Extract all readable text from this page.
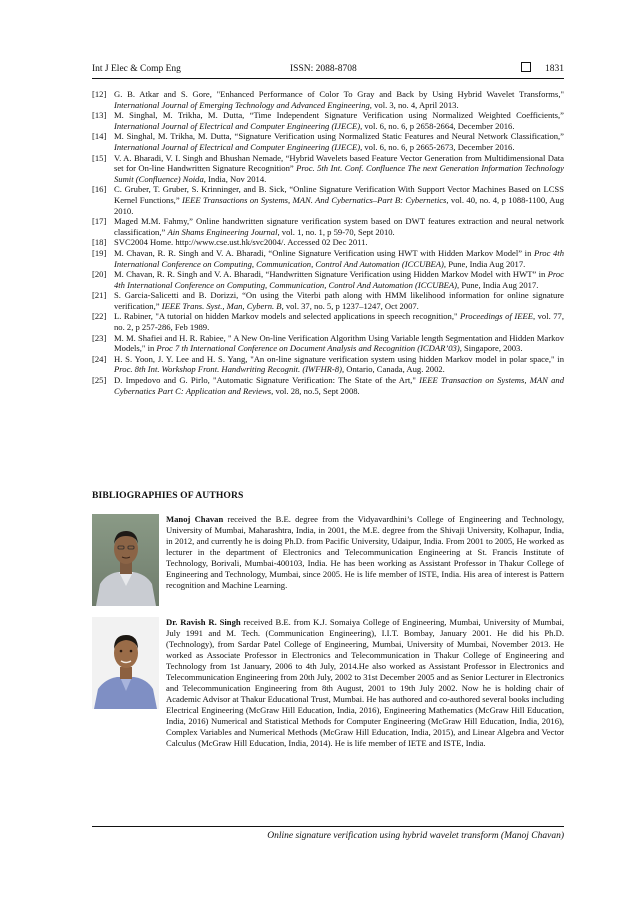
Int J Elec & Comp Eng	ISSN: 2088-8708	1831

[12] G. B. Atkar and S. Gore, "Enhanced Performance of Color To Gray and Back by Using Hybrid Wavelet Transforms," International Journal of Emerging Technology and Advanced Engineering, vol. 3, no. 4, April 2013.

[13] M. Singhal, M. Trikha, M. Dutta, “Time Independent Signature Verification using Normalized Weighted Coefficients,” International Journal of Electrical and Computer Engineering (IJECE), vol. 6, no. 6, p 2658-2664, December 2016.

[14] M. Singhal, M. Trikha, M. Dutta, “Signature Verification using Normalized Static Features and Neural Network Classification,” International Journal of Electrical and Computer Engineering (IJECE), vol. 6, no. 6, p 2665-2673, December 2016.

[15] V. A. Bharadi, V. I. Singh and Bhushan Nemade, “Hybrid Wavelets based Feature Vector Generation from Multidimensional Data set for On-line Handwritten Signature Recognition” Proc. 5th Int. Conf. Confluence The next Generation Information Technology Sumit (Confluence) Noida, India, Nov 2014.

[16] C. Gruber, T. Gruber, S. Krinninger, and B. Sick, “Online Signature Verification With Support Vector Machines Based on LCSS Kernel Functions,” IEEE Transactions on Systems, MAN. And Cybernatics–Part B: Cybernetics, vol. 40, no. 4, p 1088-1100, Aug 2010.

[17] Maged M.M. Fahmy,” Online handwritten signature verification system based on DWT features extraction and neural network classification,” Ain Shams Engineering Journal, vol. 1, no. 1, p 59-70, Sept 2010.

[18] SVC2004 Home. http://www.cse.ust.hk/svc2004/. Accessed 02 Dec 2011.

[19] M. Chavan, R. R. Singh and V. A. Bharadi, “Online Signature Verification using HWT with Hidden Markov Model” in Proc 4th International Conference on Computing, Communication, Control And Automation (ICCUBEA), Pune, India Aug 2017.

[20] M. Chavan, R. R. Singh and V. A. Bharadi, “Handwritten Signature Verification using Hidden Markov Model with HWT” in Proc 4th International Conference on Computing, Communication, Control And Automation (ICCUBEA), Pune, India Aug 2017.

[21] S. Garcia-Salicetti and B. Dorizzi, “On using the Viterbi path along with HMM likelihood information for online signature verification,” IEEE Trans. Syst., Man, Cybern. B, vol. 37, no. 5, p 1237–1247, Oct 2007.

[22] L. Rabiner, "A tutorial on hidden Markov models and selected applications in speech recognition," Proceedings of IEEE, vol. 77, no. 2, p 257-286, Feb 1989.

[23] M. M. Shafiei and H. R. Rabiee, " A New On-line Verification Algorithm Using Variable length Segmentation and Hidden Markov Models," in Proc 7 th International Conference on Document Analysis and Recognition (ICDAR’03), Singapore, 2003.

[24] H. S. Yoon, J. Y. Lee and H. S. Yang, "An on-line signature verification system using hidden Markov model in polar space," in Proc. 8th Int. Workshop Front. Handwriting Recognit. (IWFHR-8), Ontario, Canada, Aug. 2002.

[25] D. Impedovo and G. Pirlo, "Automatic Signature Verification: The State of the Art," IEEE Transaction on Systems, MAN and Cybernatics Part C: Application and Reviews, vol. 28, no.5, Sept 2008.

BIBLIOGRAPHIES OF AUTHORS
Manoj Chavan received the B.E. degree from the Vidyavardhini’s College of Engineering and Technology, University of Mumbai, Maharashtra, India, in 2001, the M.E. degree from the Shivaji University, Kolhapur, India, in 2012, and currently he is doing Ph.D. from Pacific University, Udaipur, India. From 2001 to 2005, He worked as lecturer in the department of Electronics and Telecommunication Engineering at St. Francis Institute of Technology, Borivali, Mumbai-400103, India. He has been working as Assistant Professor in Thakur College of Engineering and Technology, Mumbai, since 2005. He is life member of ISTE, India. His area of interest is Pattern recognition and Machine Learning.
Dr. Ravish R. Singh received B.E. from K.J. Somaiya College of Engineering, Mumbai, University of Mumbai, July 1991 and M. Tech. (Communication Engineering), I.I.T. Bombay, January 2001. He did his Ph.D. (Technology), from Sardar Patel College of Engineering, Mumbai, University of Mumbai, November 2013. He worked as Associate Professor in Electronics and Telecommunication in Thakur College of Engineering and Technology from 1st January, 2006 to 4th July, 2014.He also worked as Assistant Professor in Electronics and Telecommunication Engineering from 20th July, 2002 to 31st December 2005 and as Senior Lecturer in Electronics and Telecommunication Engineering from 8th August, 2001 to 19th July 2002. Now he is holding chair of Academic Advisor at Thakur Educational Trust, Mumbai. He has authored and co-authored several books including Electrical Engineering (McGraw Hill Education, India, 2016), Engineering Mathematics (McGraw Hill Education, India, 2016) Numerical and Statistical Methods for Computer Engineering (McGraw Hill Education, India, 2016), Complex Variables and Numerical Methods (McGraw Hill Education, India, 2015), and Linear Algebra and Vector Calculus (McGraw Hill Education, India, 2014). He is life member of IETE and ISTE, India.
Online signature verification using hybrid wavelet transform (Manoj Chavan)
